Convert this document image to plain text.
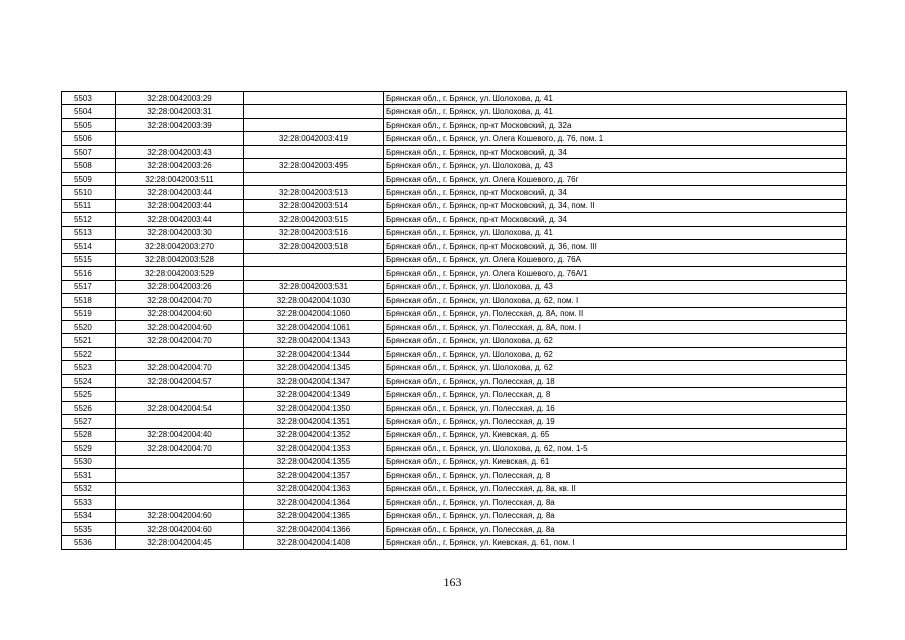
5503	32:28:0042003:29		Брянская обл., г. Брянск, ул. Шолохова, д. 41
5504	32:28:0042003:31		Брянская обл., г. Брянск, ул. Шолохова, д. 41
5505	32:28:0042003:39		Брянская обл., г. Брянск, пр-кт Московский, д. 32а
5506		32:28:0042003:419	Брянская обл., г. Брянск, ул. Олега Кошевого, д. 76, пом. 1
5507	32:28:0042003:43		Брянская обл., г. Брянск, пр-кт Московский, д. 34
5508	32:28:0042003:26	32:28:0042003:495	Брянская обл., г. Брянск, ул. Шолохова, д. 43
5509	32:28:0042003:511		Брянская обл., г. Брянск, ул. Олега Кошевого, д. 76г
5510	32:28:0042003:44	32:28:0042003:513	Брянская обл., г. Брянск, пр-кт Московский, д. 34
5511	32:28:0042003:44	32:28:0042003:514	Брянская обл., г. Брянск, пр-кт Московский, д. 34, пом. II
5512	32:28:0042003:44	32:28:0042003:515	Брянская обл., г. Брянск, пр-кт Московский, д. 34
5513	32:28:0042003:30	32:28:0042003:516	Брянская обл., г. Брянск, ул. Шолохова, д. 41
5514	32:28:0042003:270	32:28:0042003:518	Брянская обл., г. Брянск, пр-кт Московский, д. 36, пом. III
5515	32:28:0042003:528		Брянская обл., г. Брянск, ул. Олега Кошевого, д. 76А
5516	32:28:0042003:529		Брянская обл., г. Брянск, ул. Олега Кошевого, д. 76А/1
5517	32:28:0042003:26	32:28:0042003:531	Брянская обл., г. Брянск, ул. Шолохова, д. 43
5518	32:28:0042004:70	32:28:0042004:1030	Брянская обл., г. Брянск, ул. Шолохова, д. 62, пом. I
5519	32:28:0042004:60	32:28:0042004:1060	Брянская обл., г. Брянск, ул. Полесская, д. 8А, пом. II
5520	32:28:0042004:60	32:28:0042004:1061	Брянская обл., г. Брянск, ул. Полесская, д. 8А, пом. I
5521	32:28:0042004:70	32:28:0042004:1343	Брянская обл., г. Брянск, ул. Шолохова, д. 62
5522		32:28:0042004:1344	Брянская обл., г. Брянск, ул. Шолохова, д. 62
5523	32:28:0042004:70	32:28:0042004:1345	Брянская обл., г. Брянск, ул. Шолохова, д. 62
5524	32:28:0042004:57	32:28:0042004:1347	Брянская обл., г. Брянск, ул. Полесская, д. 18
5525		32:28:0042004:1349	Брянская обл., г. Брянск, ул. Полесская, д. 8
5526	32:28:0042004:54	32:28:0042004:1350	Брянская обл., г. Брянск, ул. Полесская, д. 16
5527		32:28:0042004:1351	Брянская обл., г. Брянск, ул. Полесская, д. 19
5528	32:28:0042004:40	32:28:0042004:1352	Брянская обл., г. Брянск, ул. Киевская, д. 65
5529	32:28:0042004:70	32:28:0042004:1353	Брянская обл., г. Брянск, ул. Шолохова, д. 62, пом. 1-5
5530		32:28:0042004:1355	Брянская обл., г. Брянск, ул. Киевская, д. 61
5531		32:28:0042004:1357	Брянская обл., г. Брянск, ул. Полесская, д. 8
5532		32:28:0042004:1363	Брянская обл., г. Брянск, ул. Полесская, д. 8а, кв. II
5533		32:28:0042004:1364	Брянская обл., г. Брянск, ул. Полесская, д. 8а
5534	32:28:0042004:60	32:28:0042004:1365	Брянская обл., г. Брянск, ул. Полесская, д. 8а
5535	32:28:0042004:60	32:28:0042004:1366	Брянская обл., г. Брянск, ул. Полесская, д. 8а
5536	32:28:0042004:45	32:28:0042004:1408	Брянская обл., г. Брянск, ул. Киевская, д. 61, пом. I
163
